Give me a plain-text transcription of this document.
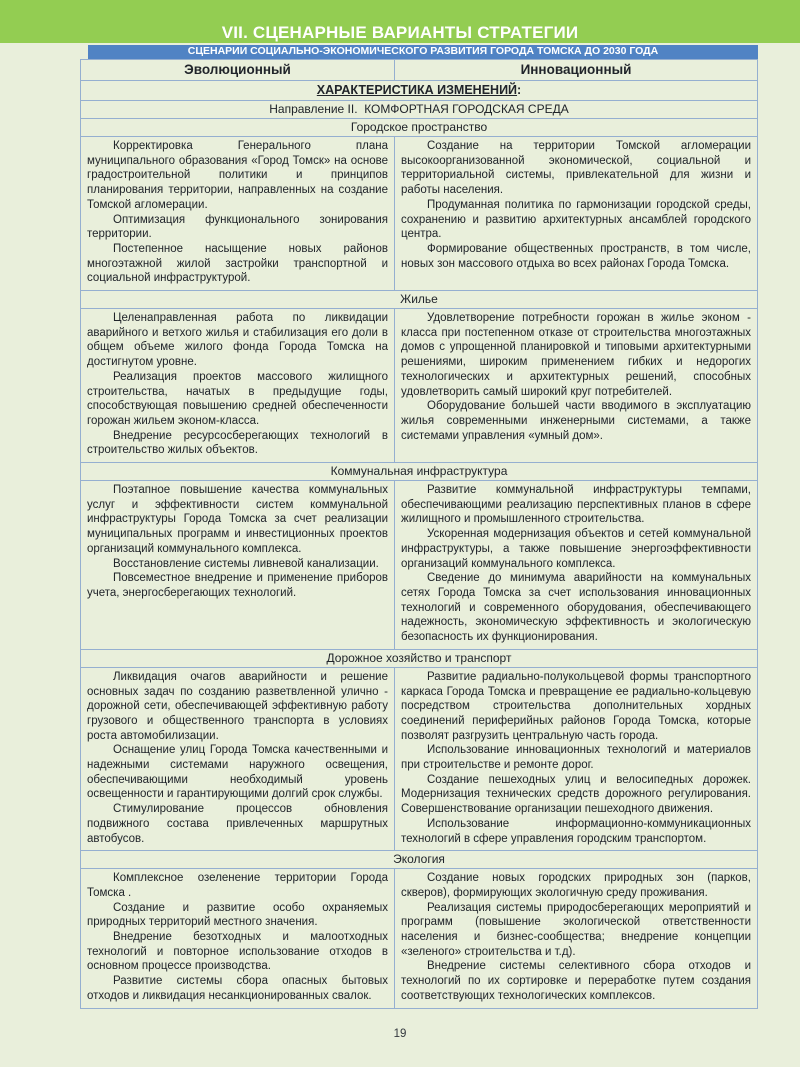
VII. СЦЕНАРНЫЕ ВАРИАНТЫ СТРАТЕГИИ
СЦЕНАРИИ СОЦИАЛЬНО-ЭКОНОМИЧЕСКОГО РАЗВИТИЯ ГОРОДА ТОМСКА ДО 2030 ГОДА
Эволюционный	Инновационный
ХАРАКТЕРИСТИКА ИЗМЕНЕНИЙ:
Направление II.  КОМФОРТНАЯ ГОРОДСКАЯ СРЕДА
Городское пространство

Корректировка Генерального плана муниципального образования «Город Томск» на основе градостроительной политики и принципов планирования территории, направленных на создание Томской агломерации.

Оптимизация функционального зонирования территории.

Постепенное насыщение новых районов многоэтажной жилой застройки транспортной и социальной инфраструктурой.

Создание на территории Томской агломерации высокоорганизованной экономической, социальной и территориальной системы, привлекательной для жизни и работы населения.

Продуманная политика по гармонизации городской среды, сохранению и развитию архитектурных ансамблей городского центра.

Формирование общественных пространств, в том числе, новых зон массового отдыха во всех районах Города Томска.

Жилье

Целенаправленная работа по ликвидации аварийного и ветхого жилья и стабилизация его доли в общем объеме жилого фонда Города Томска на достигнутом уровне.

Реализация проектов массового жилищного строительства, начатых в предыдущие годы, способствующая повышению средней обеспеченности горожан жильем эконом-класса.

Внедрение ресурсосберегающих технологий в строительство жилых объектов.

Удовлетворение потребности горожан в жилье эконом - класса при постепенном отказе от строительства многоэтажных домов с упрощенной планировкой и типовыми архитектурными решениями, широким применением гибких и недорогих технологических и архитектурных решений, способных удовлетворить самый широкий круг потребителей.

Оборудование большей части вводимого в эксплуатацию жилья современными инженерными системами, а также системами управления «умный дом».

Коммунальная инфраструктура

Поэтапное повышение качества коммунальных услуг и эффективности систем коммунальной инфраструктуры Города Томска за счет реализации муниципальных программ и инвестиционных проектов организаций коммунального комплекса.

Восстановление системы ливневой канализации.

Повсеместное внедрение и применение приборов учета, энергосберегающих технологий.

Развитие коммунальной инфраструктуры темпами, обеспечивающими реализацию перспективных планов в сфере жилищного и промышленного строительства.

Ускоренная модернизация объектов и сетей коммунальной инфраструктуры, а также повышение энергоэффективности организаций коммунального комплекса.

Сведение до минимума аварийности на коммунальных сетях Города Томска за счет использования инновационных технологий и современного оборудования, обеспечивающего надежность, экономическую эффективность и экологическую безопасность их функционирования.

Дорожное хозяйство и транспорт

Ликвидация очагов аварийности и решение основных задач по созданию разветвленной улично - дорожной сети, обеспечивающей эффективную работу грузового и общественного транспорта в условиях роста автомобилизации.

Оснащение улиц Города Томска качественными и надежными системами наружного освещения, обеспечивающими необходимый уровень освещенности и гарантирующими долгий срок службы.

Стимулирование процессов обновления подвижного состава привлеченных маршрутных автобусов.

Развитие радиально-полукольцевой формы транспортного каркаса Города Томска и превращение ее радиально-кольцевую посредством строительства дополнительных хордных соединений периферийных районов Города Томска, которые позволят разгрузить центральную часть города.

Использование инновационных технологий и материалов при строительстве и ремонте дорог.

Создание пешеходных улиц и велосипедных дорожек. Модернизация технических средств дорожного регулирования. Совершенствование организации пешеходного движения.

Использование информационно-коммуникационных технологий в сфере управления городским транспортом.

Экология

Комплексное озеленение территории Города Томска .

Создание и развитие особо охраняемых природных территорий местного значения.

Внедрение безотходных и малоотходных технологий и повторное использование отходов в основном процессе производства.

Развитие системы сбора опасных бытовых отходов и ликвидация несанкционированных свалок.

Создание новых городских природных зон (парков, скверов), формирующих экологичную среду проживания.

Реализация системы природосберегающих мероприятий и программ (повышение экологической ответственности населения и бизнес-сообщества; внедрение концепции «зеленого» строительства и т.д).

Внедрение системы селективного сбора отходов и технологий по их сортировке и переработке путем создания соответствующих технологических комплексов.

19
